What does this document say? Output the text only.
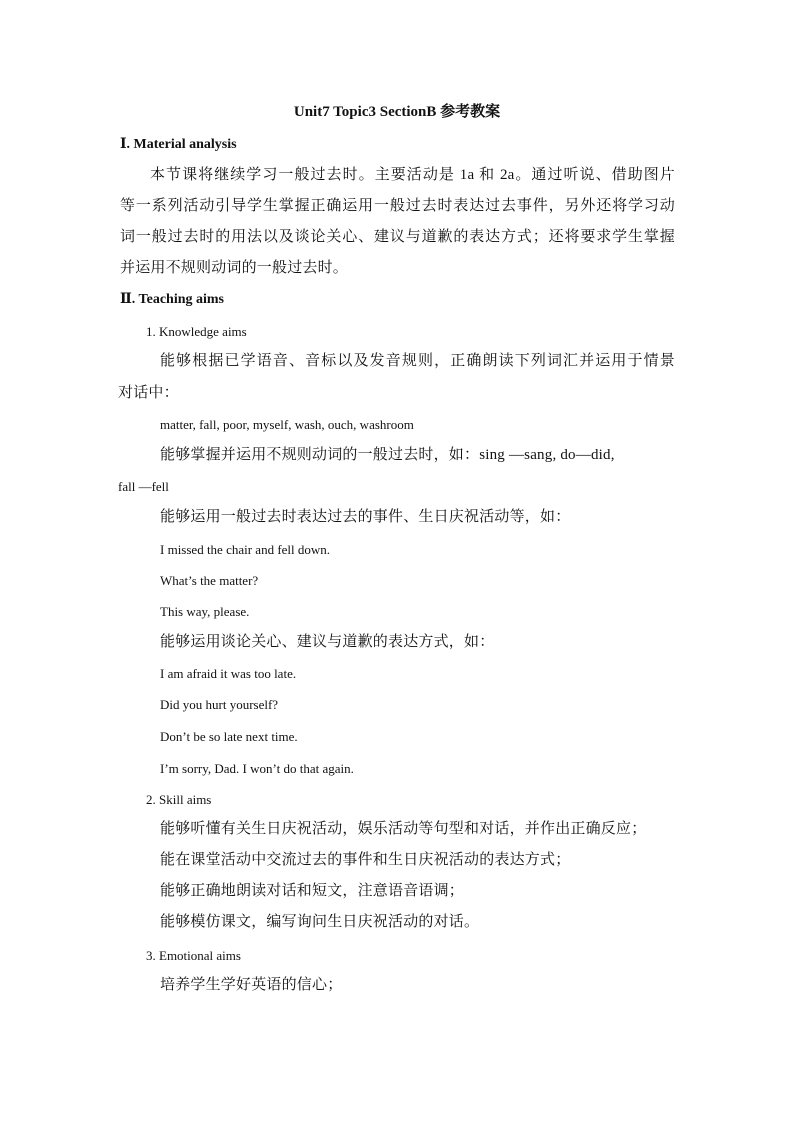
Unit7 Topic3 SectionB 参考教案
Ⅰ. Material analysis
本节课将继续学习一般过去时。主要活动是 1a 和 2a。通过听说、借助图片
等一系列活动引导学生掌握正确运用一般过去时表达过去事件，另外还将学习动
词一般过去时的用法以及谈论关心、建议与道歉的表达方式；还将要求学生掌握
并运用不规则动词的一般过去时。
Ⅱ. Teaching aims
1. Knowledge aims
能够根据已学语音、音标以及发音规则，正确朗读下列词汇并运用于情景
对话中：
matter, fall, poor, myself, wash, ouch, washroom
能够掌握并运用不规则动词的一般过去时，如：sing —sang, do—did,
fall —fell
能够运用一般过去时表达过去的事件、生日庆祝活动等，如：
I missed the chair and fell down.
What’s the matter?
This way, please.
能够运用谈论关心、建议与道歉的表达方式，如：
I am afraid it was too late.
Did you hurt yourself?
Don’t be so late next time.
I’m sorry, Dad. I won’t do that again.
2. Skill aims
能够听懂有关生日庆祝活动，娱乐活动等句型和对话，并作出正确反应；
能在课堂活动中交流过去的事件和生日庆祝活动的表达方式；
能够正确地朗读对话和短文，注意语音语调；
能够模仿课文，编写询问生日庆祝活动的对话。
3. Emotional aims
培养学生学好英语的信心；
